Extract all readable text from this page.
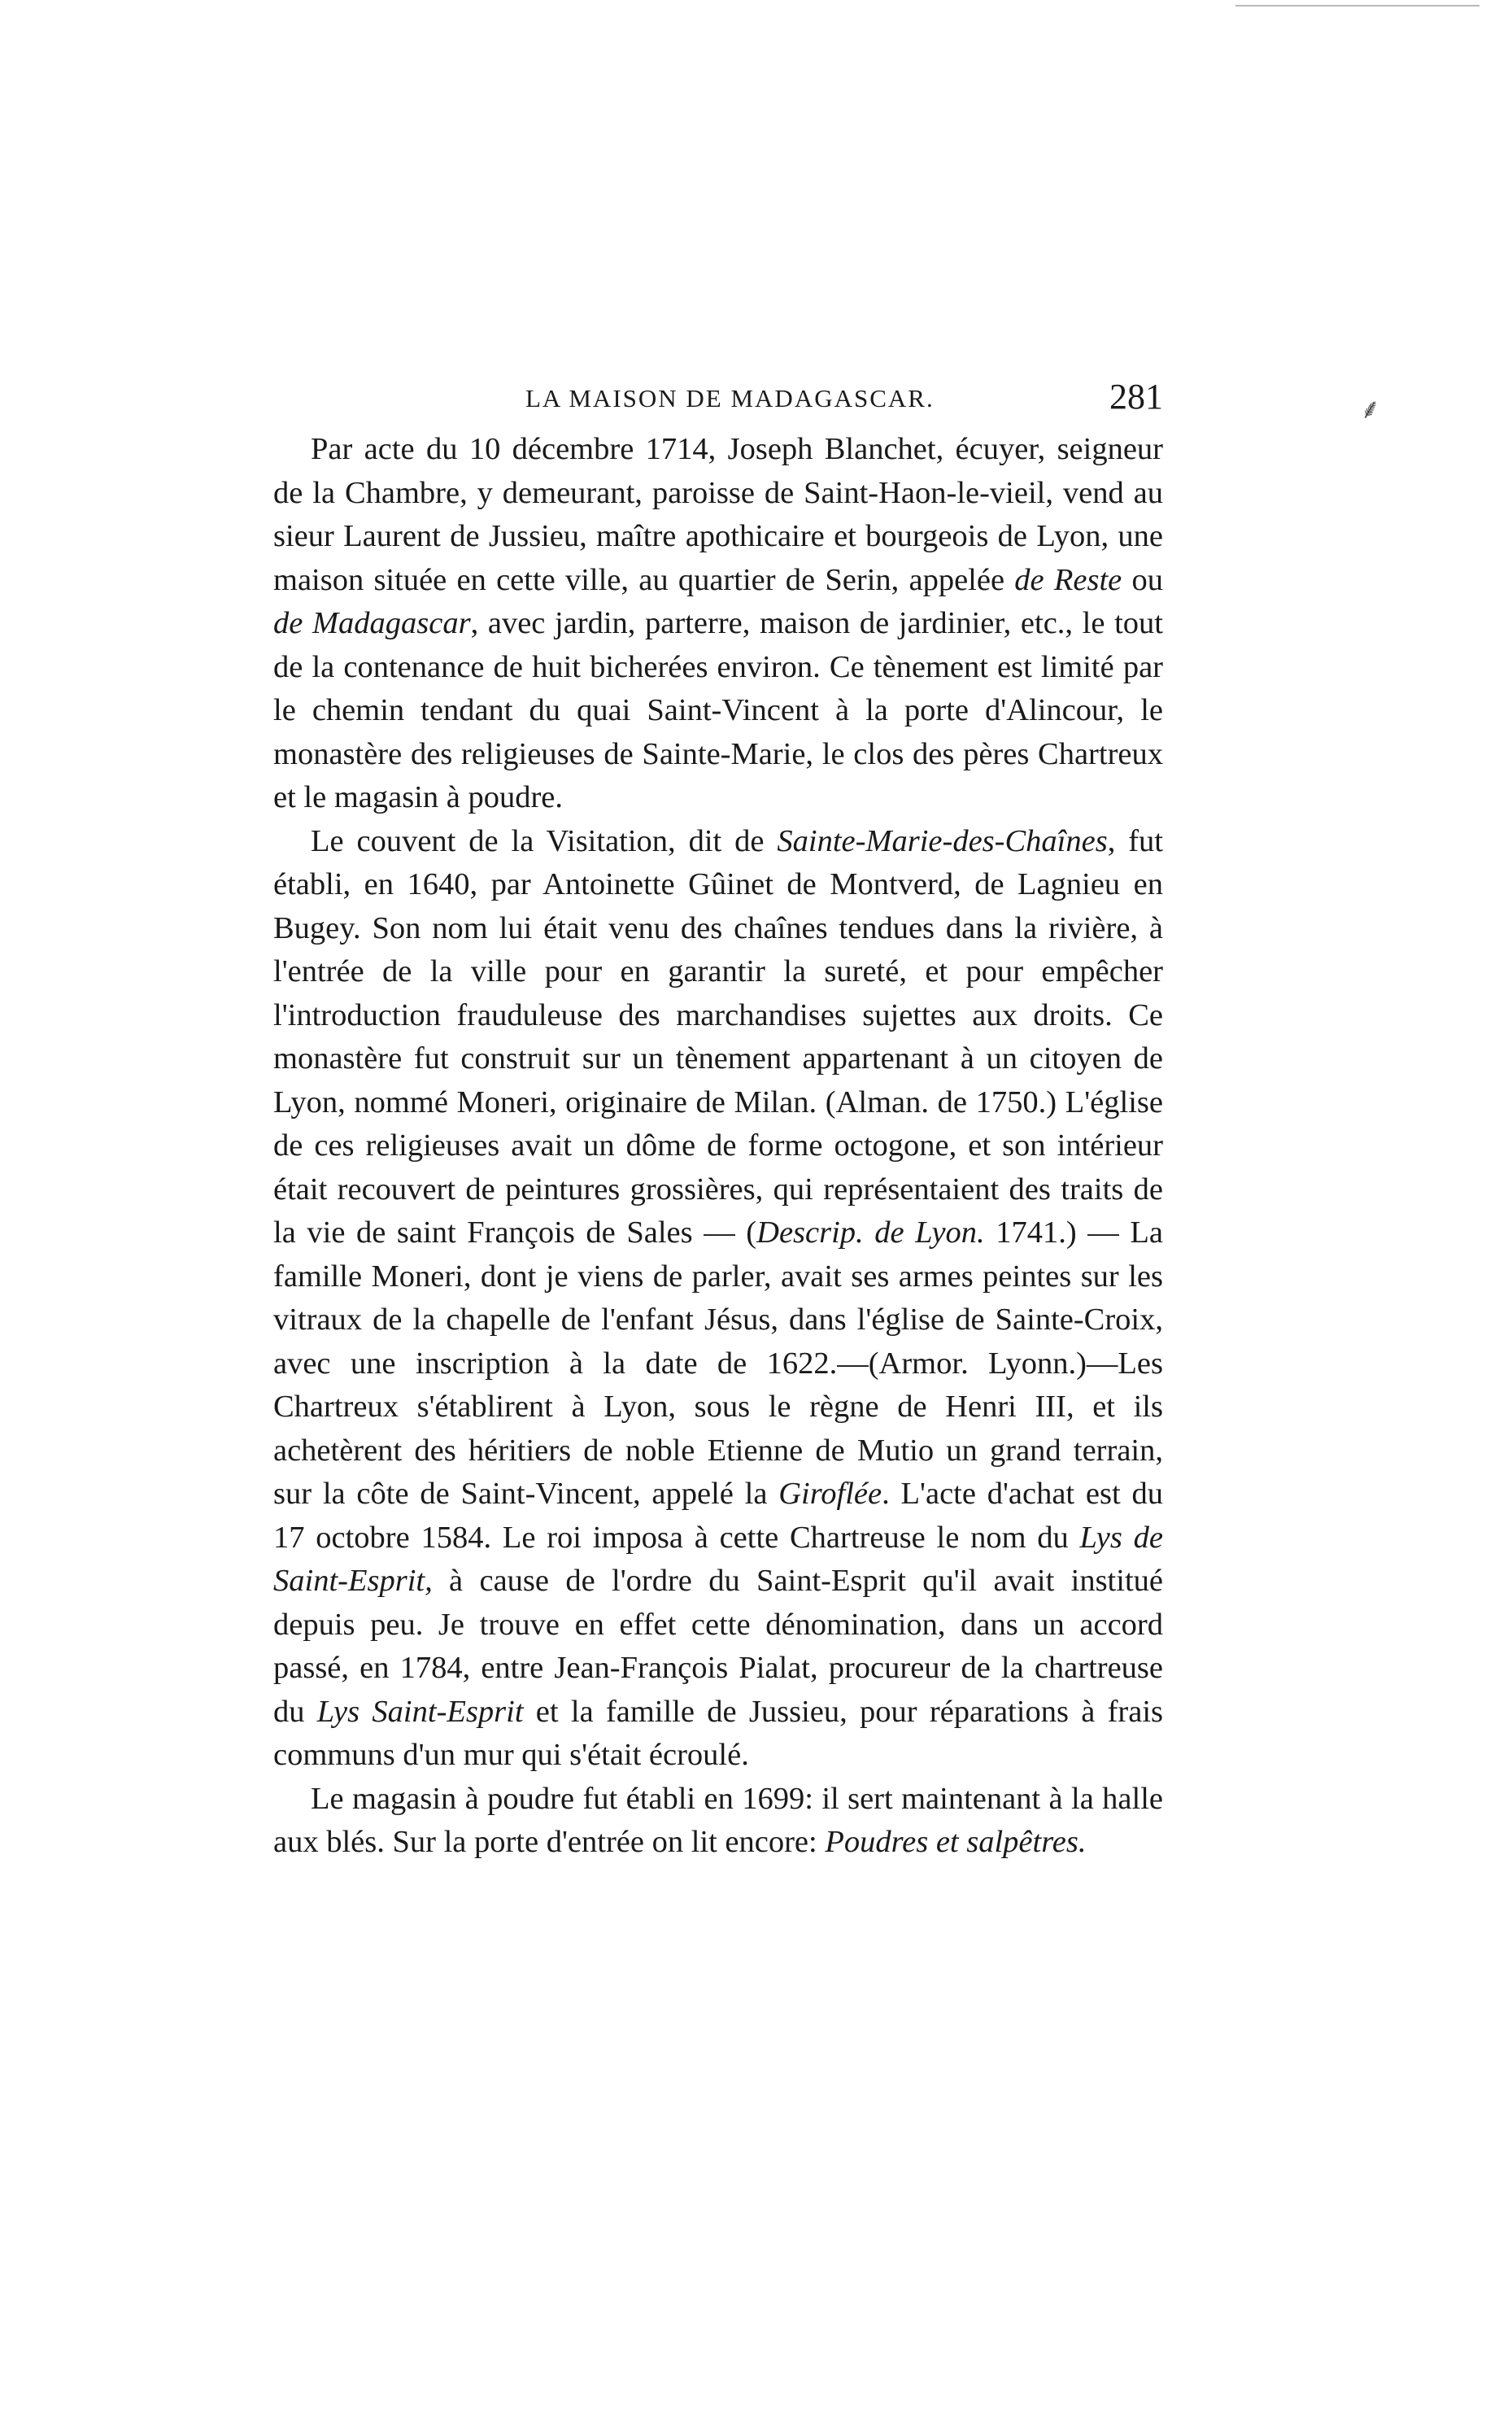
⸙
LA MAISON DE MADAGASCAR.	281

Par acte du 10 décembre 1714, Joseph Blanchet, écuyer, seigneur de la Chambre, y demeurant, paroisse de Saint-Haon-le-vieil, vend au sieur Laurent de Jussieu, maître apothicaire et bourgeois de Lyon, une maison située en cette ville, au quartier de Serin, appelée de Reste ou de Madagascar, avec jardin, parterre, maison de jardinier, etc., le tout de la contenance de huit bicherées environ. Ce tènement est limité par le chemin tendant du quai Saint-Vincent à la porte d'Alincour, le monastère des religieuses de Sainte-Marie, le clos des pères Chartreux et le magasin à poudre.

Le couvent de la Visitation, dit de Sainte-Marie-des-Chaînes, fut établi, en 1640, par Antoinette Gûinet de Montverd, de Lagnieu en Bugey. Son nom lui était venu des chaînes tendues dans la rivière, à l'entrée de la ville pour en garantir la sureté, et pour empêcher l'introduction frauduleuse des marchandises sujettes aux droits. Ce monastère fut construit sur un tènement appartenant à un citoyen de Lyon, nommé Moneri, originaire de Milan. (Alman. de 1750.) L'église de ces religieuses avait un dôme de forme octogone, et son intérieur était recouvert de peintures grossières, qui représentaient des traits de la vie de saint François de Sales — (Descrip. de Lyon. 1741.) — La famille Moneri, dont je viens de parler, avait ses armes peintes sur les vitraux de la chapelle de l'enfant Jésus, dans l'église de Sainte-Croix, avec une inscription à la date de 1622.—(Armor. Lyonn.)—Les Chartreux s'établirent à Lyon, sous le règne de Henri III, et ils achetèrent des héritiers de noble Etienne de Mutio un grand terrain, sur la côte de Saint-Vincent, appelé la Giroflée. L'acte d'achat est du 17 octobre 1584. Le roi imposa à cette Chartreuse le nom du Lys de Saint-Esprit, à cause de l'ordre du Saint-Esprit qu'il avait institué depuis peu. Je trouve en effet cette dénomination, dans un accord passé, en 1784, entre Jean-François Pialat, procureur de la chartreuse du Lys Saint-Esprit et la famille de Jussieu, pour réparations à frais communs d'un mur qui s'était écroulé.

Le magasin à poudre fut établi en 1699: il sert maintenant à la halle aux blés. Sur la porte d'entrée on lit encore: Poudres et salpêtres.
